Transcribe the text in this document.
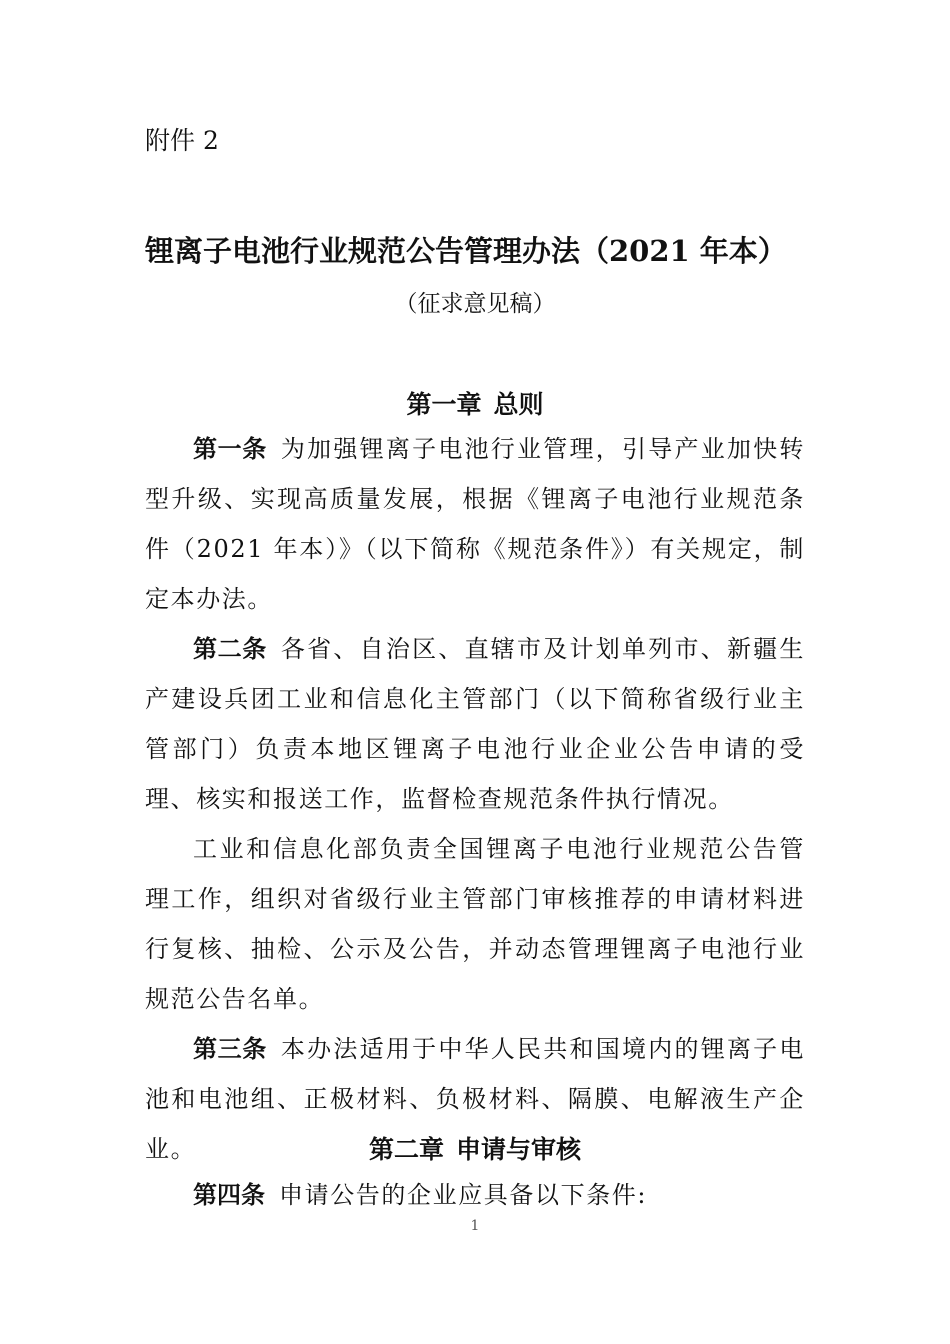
附件 2
锂离子电池行业规范公告管理办法（2021 年本）
（征求意见稿）
第一章 总则
第一条 为加强锂离子电池行业管理，引导产业加快转型升级、实现高质量发展，根据《锂离子电池行业规范条件（2021 年本）》（以下简称《规范条件》）有关规定，制定本办法。
第二条 各省、自治区、直辖市及计划单列市、新疆生产建设兵团工业和信息化主管部门（以下简称省级行业主管部门）负责本地区锂离子电池行业企业公告申请的受理、核实和报送工作，监督检查规范条件执行情况。
工业和信息化部负责全国锂离子电池行业规范公告管理工作，组织对省级行业主管部门审核推荐的申请材料进行复核、抽检、公示及公告，并动态管理锂离子电池行业规范公告名单。
第三条 本办法适用于中华人民共和国境内的锂离子电池和电池组、正极材料、负极材料、隔膜、电解液生产企业。	第二章 申请与审核
第四条 申请公告的企业应具备以下条件:
1
